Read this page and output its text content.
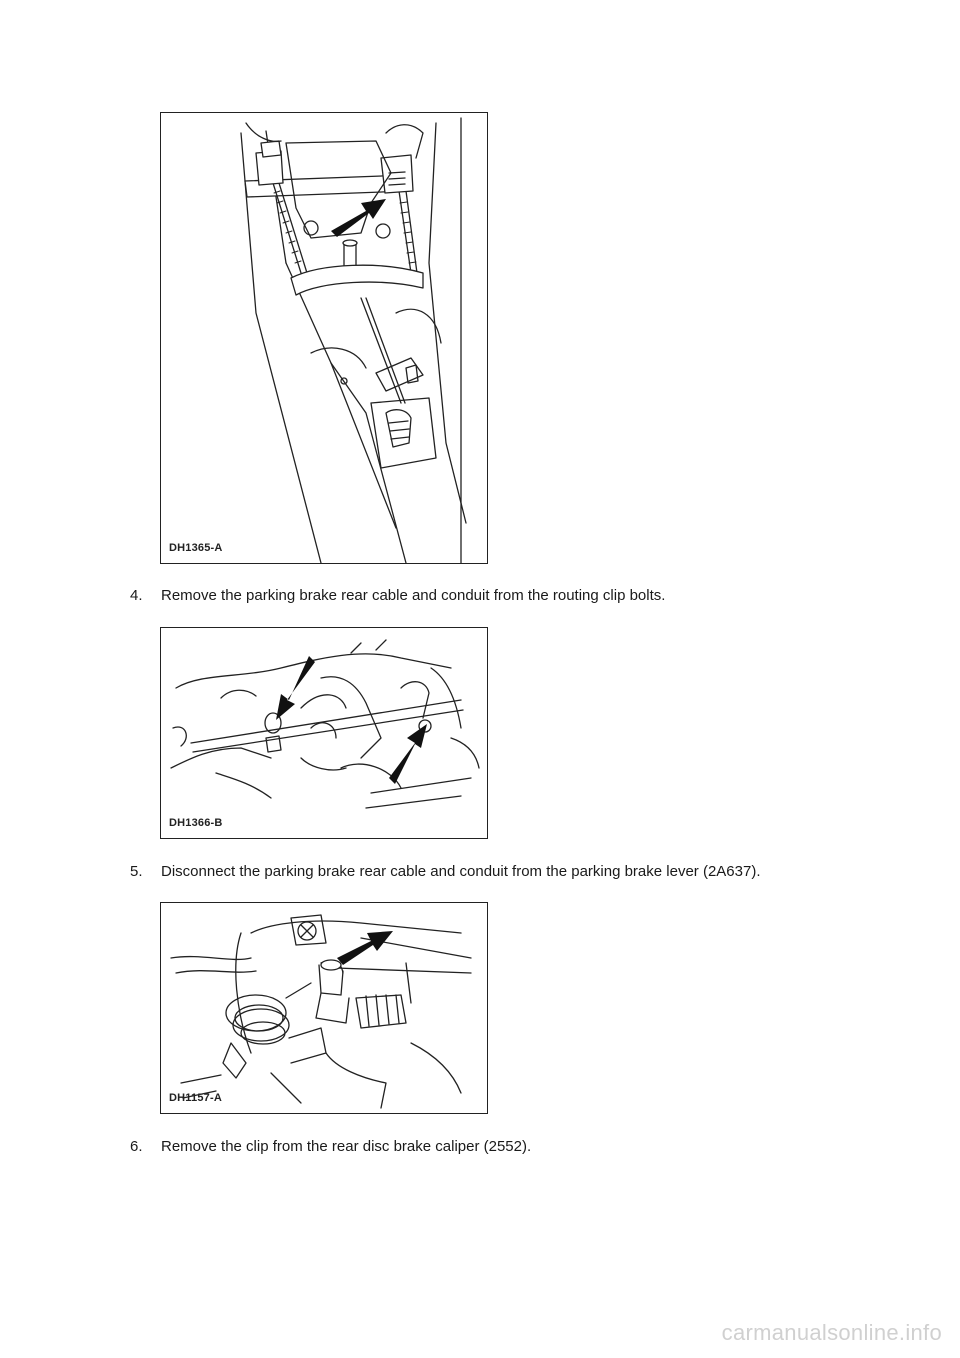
DH1365-A
4. Remove the parking brake rear cable and conduit from the routing clip bolts.
DH1366-B
5. Disconnect the parking brake rear cable and conduit from the parking brake lever (2A637).
DH1157-A
6. Remove the clip from the rear disc brake caliper (2552).
carmanualsonline.info
